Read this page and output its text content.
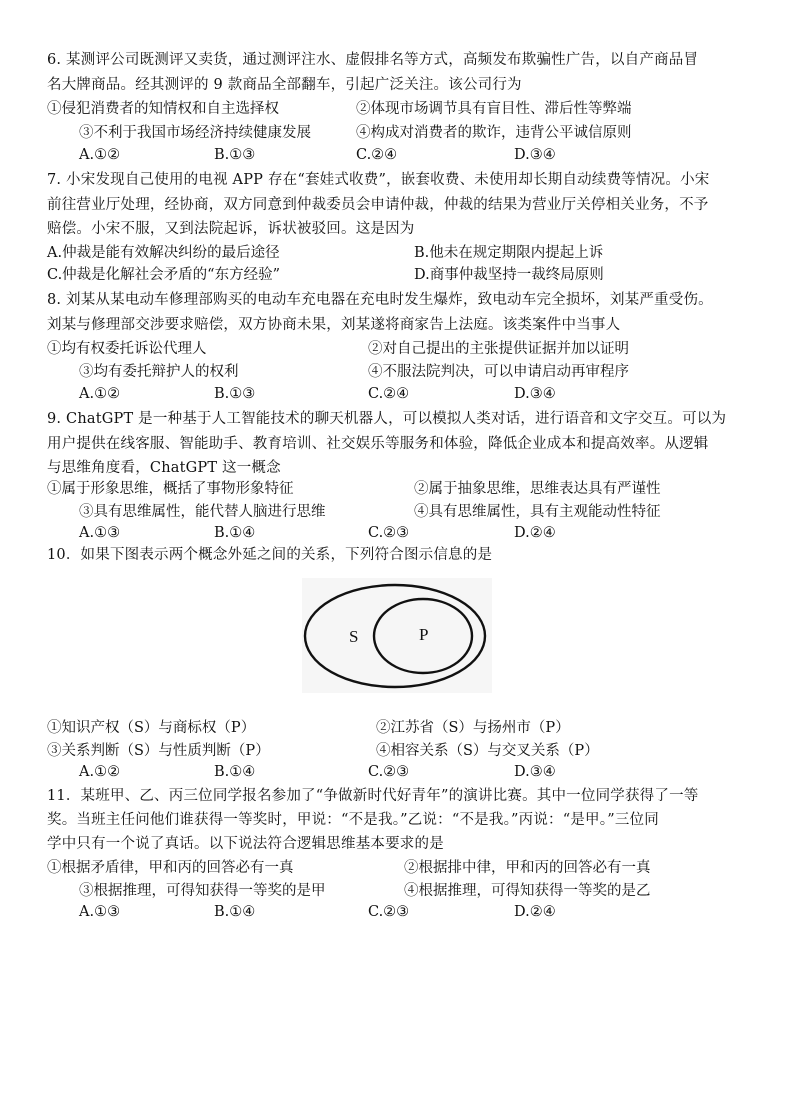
6. 某测评公司既测评又卖货，通过测评注水、虚假排名等方式，高频发布欺骗性广告，以自产商品冒
名大牌商品。经其测评的 9 款商品全部翻车，引起广泛关注。该公司行为
①侵犯消费者的知情权和自主选择权	②体现市场调节具有盲目性、滞后性等弊端
③不利于我国市场经济持续健康发展	④构成对消费者的欺诈，违背公平诚信原则
A.①②	B.①③	C.②④	D.③④
7. 小宋发现自己使用的电视 APP 存在“套娃式收费”，嵌套收费、未使用却长期自动续费等情况。小宋
前往营业厅处理，经协商，双方同意到仲裁委员会申请仲裁，仲裁的结果为营业厅关停相关业务，不予
赔偿。小宋不服，又到法院起诉，诉状被驳回。这是因为
A.仲裁是能有效解决纠纷的最后途径	B.他未在规定期限内提起上诉
C.仲裁是化解社会矛盾的“东方经验”	D.商事仲裁坚持一裁终局原则
8. 刘某从某电动车修理部购买的电动车充电器在充电时发生爆炸，致电动车完全损坏，刘某严重受伤。
刘某与修理部交涉要求赔偿，双方协商未果，刘某遂将商家告上法庭。该类案件中当事人
①均有权委托诉讼代理人	②对自己提出的主张提供证据并加以证明
③均有委托辩护人的权利	④不服法院判决，可以申请启动再审程序
A.①②	B.①③	C.②④	D.③④
9. ChatGPT 是一种基于人工智能技术的聊天机器人，可以模拟人类对话，进行语音和文字交互。可以为
用户提供在线客服、智能助手、教育培训、社交娱乐等服务和体验，降低企业成本和提高效率。从逻辑
与思维角度看，ChatGPT 这一概念
①属于形象思维，概括了事物形象特征	②属于抽象思维，思维表达具有严谨性
③具有思维属性，能代替人脑进行思维	④具有思维属性，具有主观能动性特征
A.①③	B.①④	C.②③	D.②④
10．如果下图表示两个概念外延之间的关系，下列符合图示信息的是
S	P
①知识产权（S）与商标权（P）	②江苏省（S）与扬州市（P）
③关系判断（S）与性质判断（P）	④相容关系（S）与交叉关系（P）
A.①②	B.①④	C.②③	D.③④
11．某班甲、乙、丙三位同学报名参加了“争做新时代好青年”的演讲比赛。其中一位同学获得了一等
奖。当班主任问他们谁获得一等奖时，甲说：“不是我。”乙说：“不是我。”丙说：“是甲。”三位同
学中只有一个说了真话。以下说法符合逻辑思维基本要求的是
①根据矛盾律，甲和丙的回答必有一真	②根据排中律，甲和丙的回答必有一真
③根据推理，可得知获得一等奖的是甲	④根据推理，可得知获得一等奖的是乙
A.①③	B.①④	C.②③	D.②④
